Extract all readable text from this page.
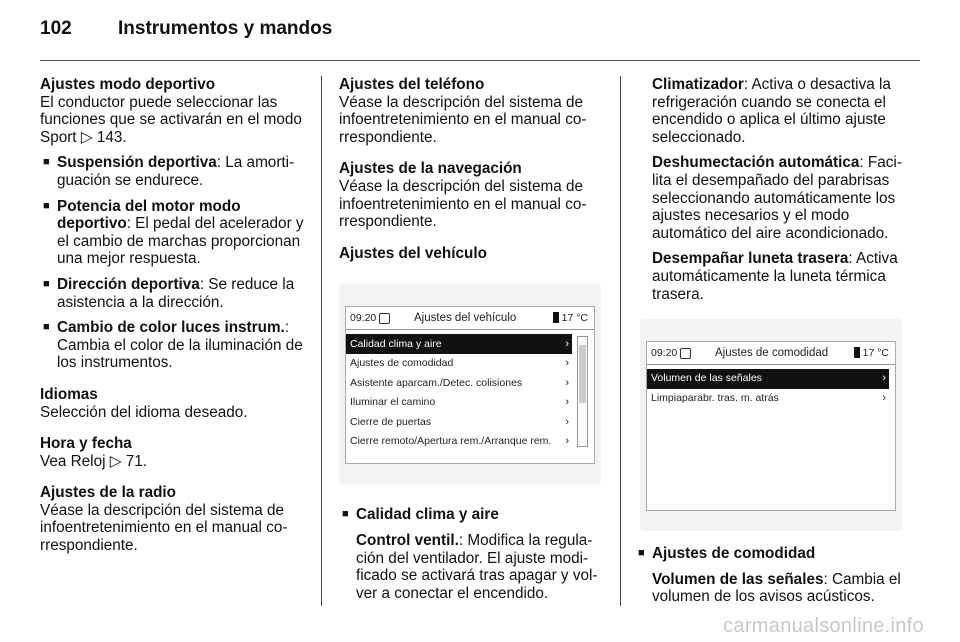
102 Instrumentos y mandos
Ajustes modo deportivo

El conductor puede seleccionar las funciones que se activarán en el modo Sport ▷ 143.

■ Suspensión deportiva: La amortiguación se endurece.
■ Potencia del motor modo deportivo: El pedal del acelerador y el cambio de marchas proporcionan una mejor respuesta.
■ Dirección deportiva: Se reduce la asistencia a la dirección.
■ Cambio de color luces instrum.: Cambia el color de la iluminación de los instrumentos.
Idiomas
Selección del idioma deseado.
Hora y fecha
Vea Reloj ▷ 71.
Ajustes de la radio
Véase la descripción del sistema de infoentretenimiento en el manual correspondiente.
Ajustes del teléfono
Véase la descripción del sistema de infoentretenimiento en el manual correspondiente.
Ajustes de la navegación
Véase la descripción del sistema de infoentretenimiento en el manual correspondiente.
Ajustes del vehículo
09:20	Ajustes del vehículo	17 °C
Calidad clima y aire	›
Ajustes de comodidad	›
Asistente aparcam./Detec. colisiones	›
Iluminar el camino	›
Cierre de puertas	›
Cierre remoto/Apertura rem./Arranque rem. ›
■ Calidad clima y aire
Control ventil.: Modifica la regulación del ventilador. El ajuste modificado se activará tras apagar y volver a conectar el encendido.

Climatizador: Activa o desactiva la refrigeración cuando se conecta el encendido o aplica el último ajuste seleccionado.

Deshumectación automática: Facilita el desempañado del parabrisas seleccionando automáticamente los ajustes necesarios y el modo automático del aire acondicionado.

Desempañar luneta trasera: Activa automáticamente la luneta térmica trasera.

09:20	Ajustes de comodidad	17 °C
Volumen de las señales	›
Limpiaparabr. tras. m. atrás	›
■ Ajustes de comodidad
Volumen de las señales: Cambia el volumen de los avisos acústicos.
carmanualsonline.info
